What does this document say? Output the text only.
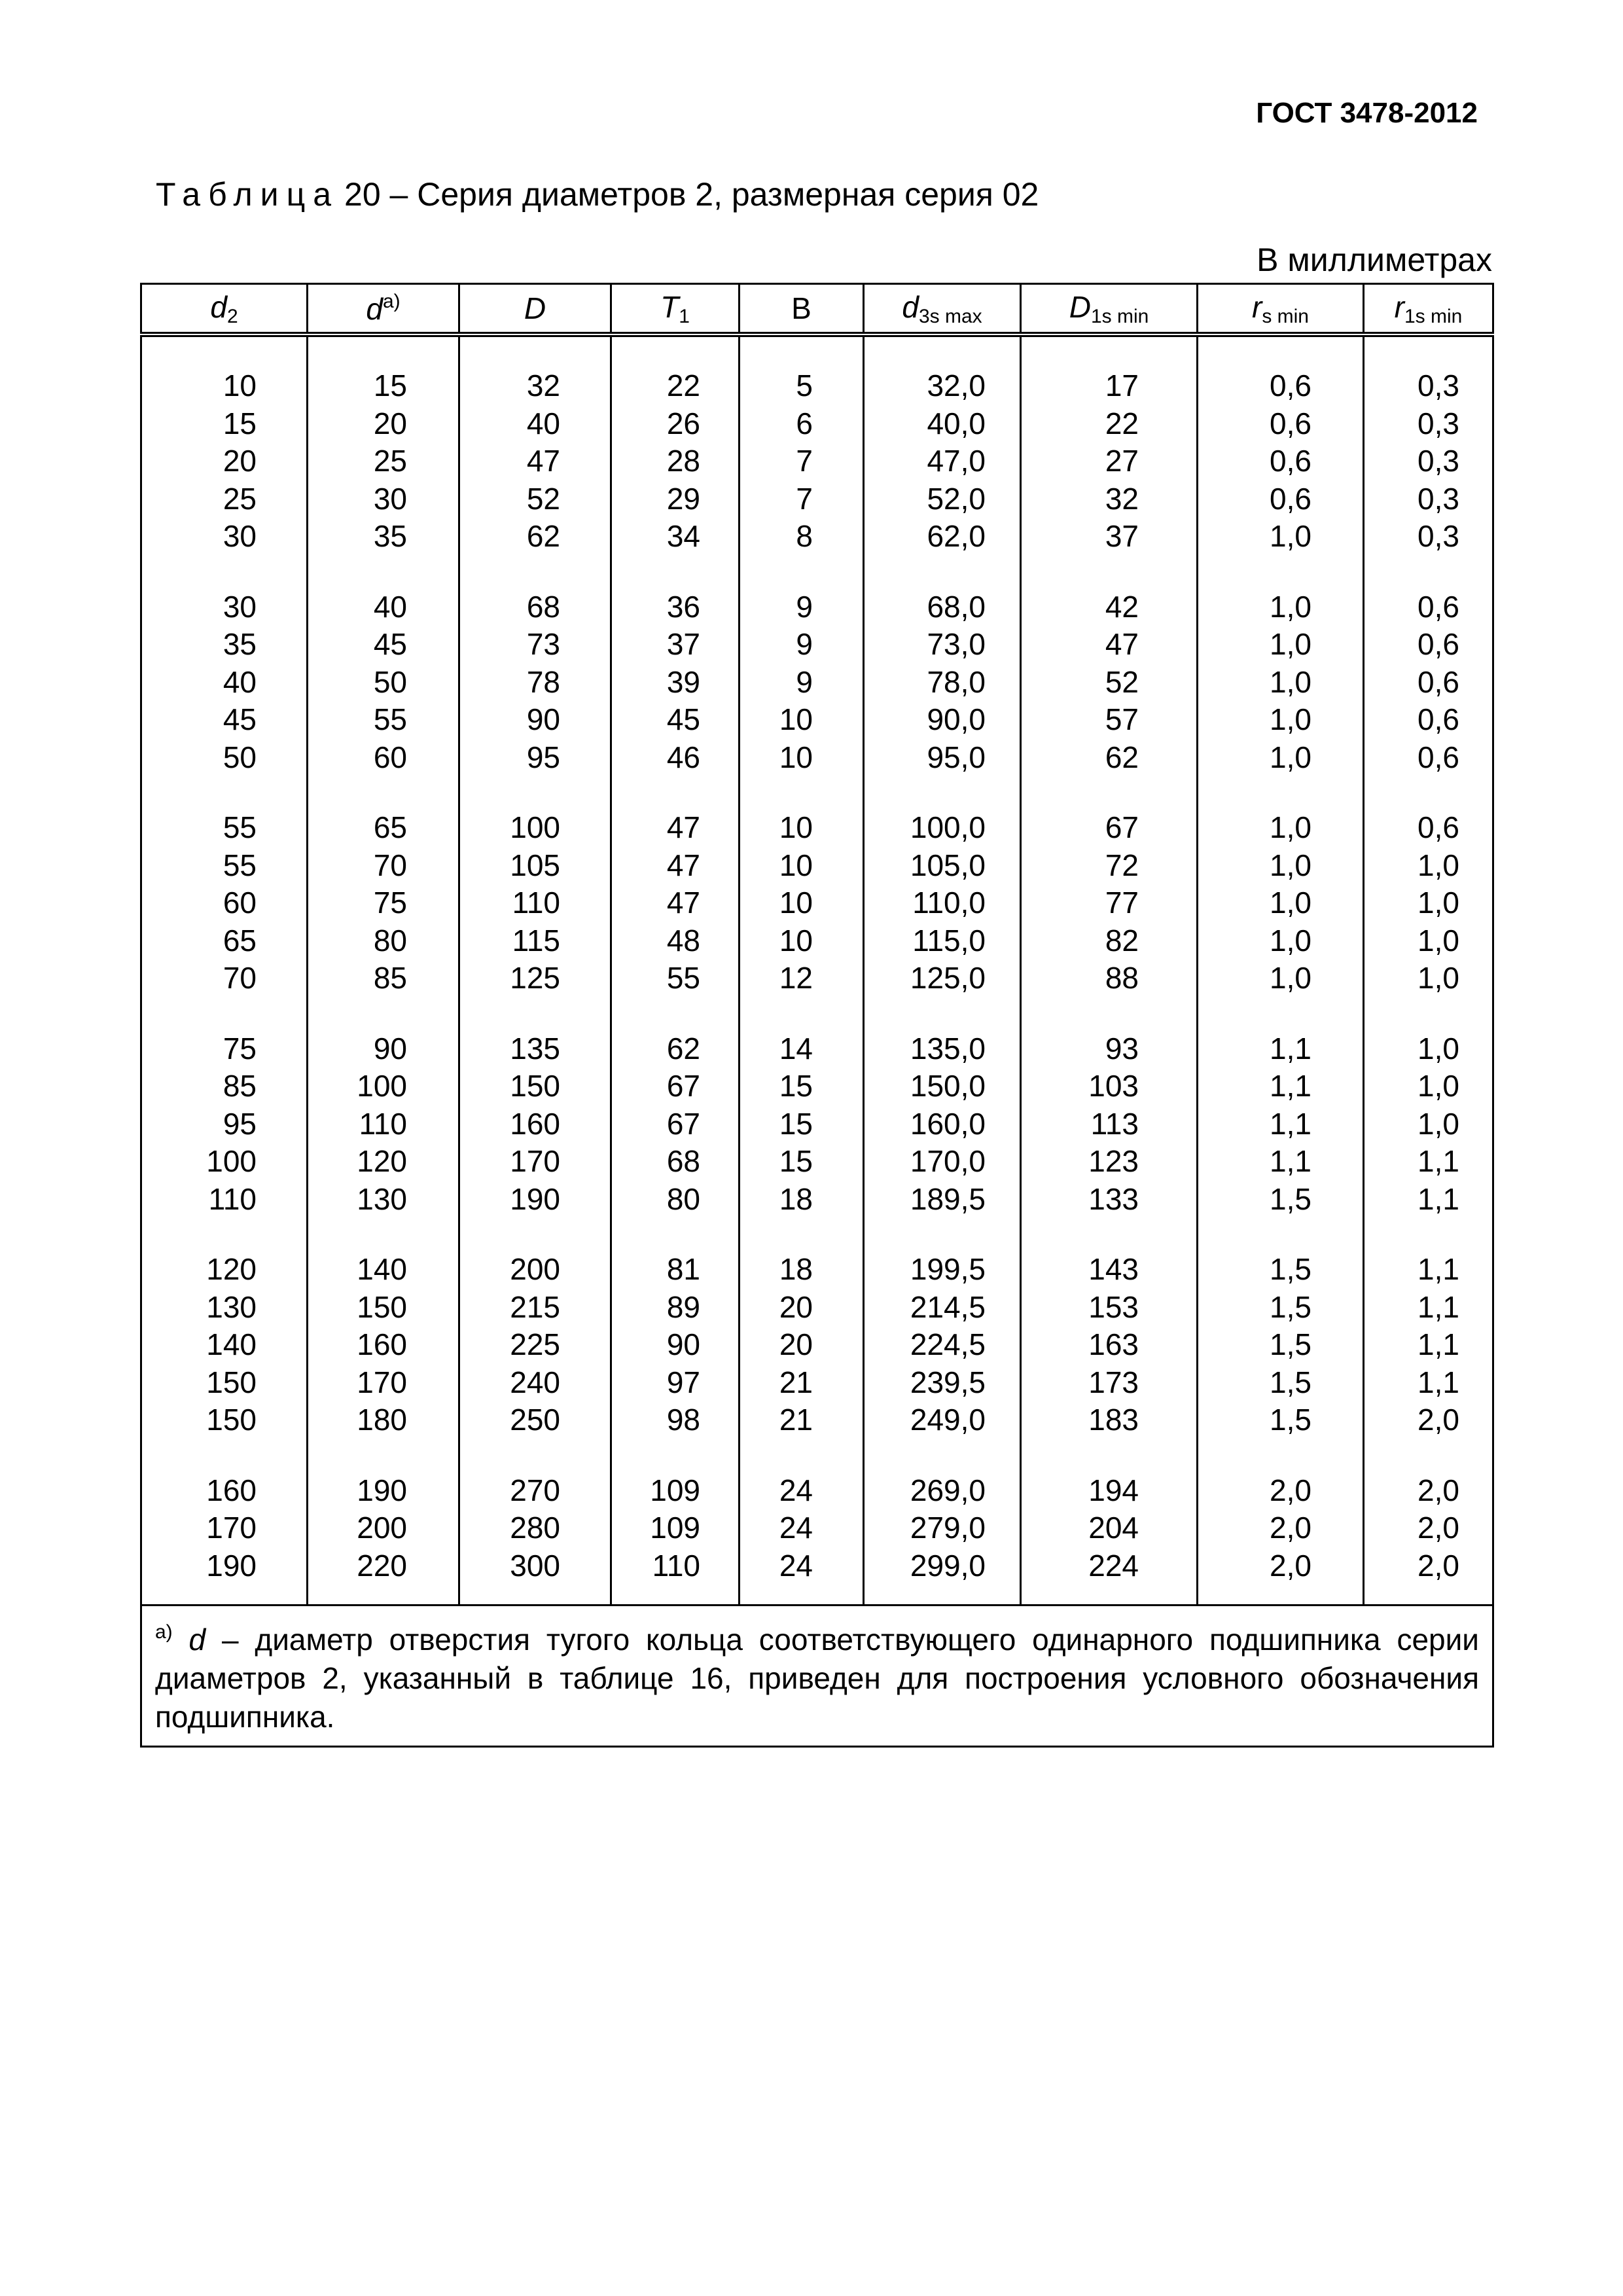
ГОСТ 3478-2012
Таблица 20 – Серия диаметров 2, размерная серия 02
В миллиметрах
$d_2$	$d^{а)}$	D	$T_1$	B	$d_{3s max}$	$D_{1s min}$	$r_{s min}$	$r_{1s min}$

10	15	32	22	5	32,0	17	0,6	0,3
15	20	40	26	6	40,0	22	0,6	0,3
20	25	47	28	7	47,0	27	0,6	0,3
25	30	52	29	7	52,0	32	0,6	0,3
30	35	62	34	8	62,0	37	1,0	0,3

30	40	68	36	9	68,0	42	1,0	0,6
35	45	73	37	9	73,0	47	1,0	0,6
40	50	78	39	9	78,0	52	1,0	0,6
45	55	90	45	10	90,0	57	1,0	0,6
50	60	95	46	10	95,0	62	1,0	0,6

55	65	100	47	10	100,0	67	1,0	0,6
55	70	105	47	10	105,0	72	1,0	1,0
60	75	110	47	10	110,0	77	1,0	1,0
65	80	115	48	10	115,0	82	1,0	1,0
70	85	125	55	12	125,0	88	1,0	1,0

75	90	135	62	14	135,0	93	1,1	1,0
85	100	150	67	15	150,0	103	1,1	1,0
95	110	160	67	15	160,0	113	1,1	1,0
100	120	170	68	15	170,0	123	1,1	1,1
110	130	190	80	18	189,5	133	1,5	1,1

120	140	200	81	18	199,5	143	1,5	1,1
130	150	215	89	20	214,5	153	1,5	1,1
140	160	225	90	20	224,5	163	1,5	1,1
150	170	240	97	21	239,5	173	1,5	1,1
150	180	250	98	21	249,0	183	1,5	2,0

160	190	270	109	24	269,0	194	2,0	2,0
170	200	280	109	24	279,0	204	2,0	2,0
190	220	300	110	24	299,0	224	2,0	2,0

$^{а)}$ d – диаметр отверстия тугого кольца соответствующего одинарного подшипника серии диаметров 2, указанный в таблице 16, приведен для построения условного обозначения подшипника.								
